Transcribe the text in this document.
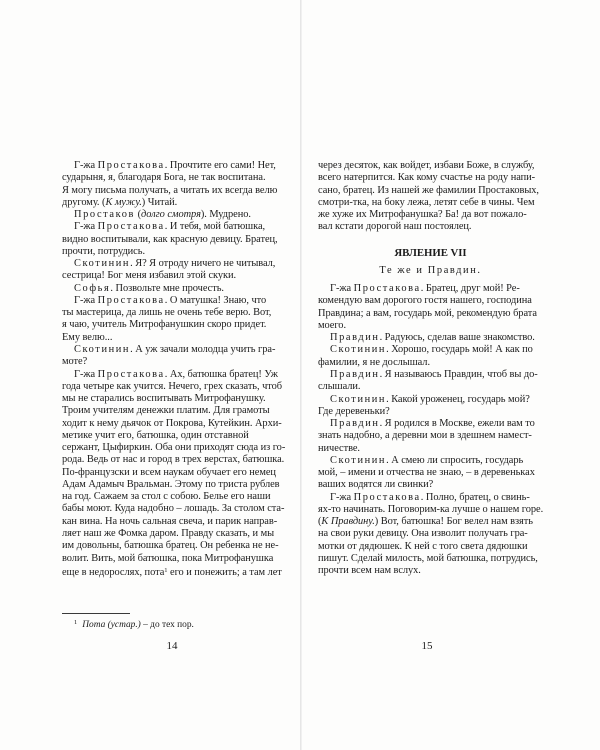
Г-жа Простакова. Прочтите его сами! Нет,
сударыня, я, благодаря Бога, не так воспитана.
Я могу письма получать, а читать их всегда велю
другому. (К мужу.) Читай.
Простаков (долго смотря). Мудрено.
Г-жа Простакова. И тебя, мой батюшка,
видно воспитывали, как красную девицу. Братец,
прочти, потрудись.
Скотинин. Я? Я отроду ничего не читывал,
сестрица! Бог меня избавил этой скуки.
Софья. Позвольте мне прочесть.
Г-жа Простакова. О матушка! Знаю, что
ты мастерица, да лишь не очень тебе верю. Вот,
я чаю, учитель Митрофанушкин скоро придет.
Ему велю...
Скотинин. А уж зачали молодца учить гра-
моте?
Г-жа Простакова. Ах, батюшка братец! Уж
года четыре как учится. Нечего, грех сказать, чтоб
мы не старались воспитывать Митрофанушку.
Троим учителям денежки платим. Для грамоты
ходит к нему дьячок от Покрова, Кутейкин. Архи-
метике учит его, батюшка, один отставной
сержант, Цыфиркин. Оба они приходят сюда из го-
рода. Ведь от нас и город в трех верстах, батюшка.
По-французски и всем наукам обучает его немец
Адам Адамыч Вральман. Этому по триста рублев
на год. Сажаем за стол с собою. Белье его наши
бабы моют. Куда надобно – лошадь. За столом ста-
кан вина. На ночь сальная свеча, и парик направ-
ляет наш же Фомка даром. Правду сказать, и мы
им довольны, батюшка братец. Он ребенка не не-
волит. Вить, мой батюшка, пока Митрофанушка
еще в недорослях, пота$^1$ его и понежить; а там лет
$^1$ Пота (устар.) – до тех пор.
14
через десяток, как войдет, избави Боже, в службу,
всего натерпится. Как кому счастье на роду напи-
сано, братец. Из нашей же фамилии Простаковых,
смотри-тка, на боку лежа, летят себе в чины. Чем
же хуже их Митрофанушка? Ба! да вот пожало-
вал кстати дорогой наш постоялец.
ЯВЛЕНИЕ VII
Те же и Правдин.
Г-жа Простакова. Братец, друг мой! Ре-
комендую вам дорогого гостя нашего, господина
Правдина; а вам, государь мой, рекомендую брата
моего.
Правдин. Радуюсь, сделав ваше знакомство.
Скотинин. Хорошо, государь мой! А как по
фамилии, я не дослышал.
Правдин. Я называюсь Правдин, чтоб вы до-
слышали.
Скотинин. Какой уроженец, государь мой?
Где деревеньки?
Правдин. Я родился в Москве, ежели вам то
знать надобно, а деревни мои в здешнем намест-
ничестве.
Скотинин. А смею ли спросить, государь
мой, – имени и отчества не знаю, – в деревеньках
ваших водятся ли свинки?
Г-жа Простакова. Полно, братец, о свинь-
ях-то начинать. Поговорим-ка лучше о нашем горе.
(К Правдину.) Вот, батюшка! Бог велел нам взять
на свои руки девицу. Она изволит получать гра-
мотки от дядюшек. К ней с того света дядюшки
пишут. Сделай милость, мой батюшка, потрудись,
прочти всем нам вслух.
15
